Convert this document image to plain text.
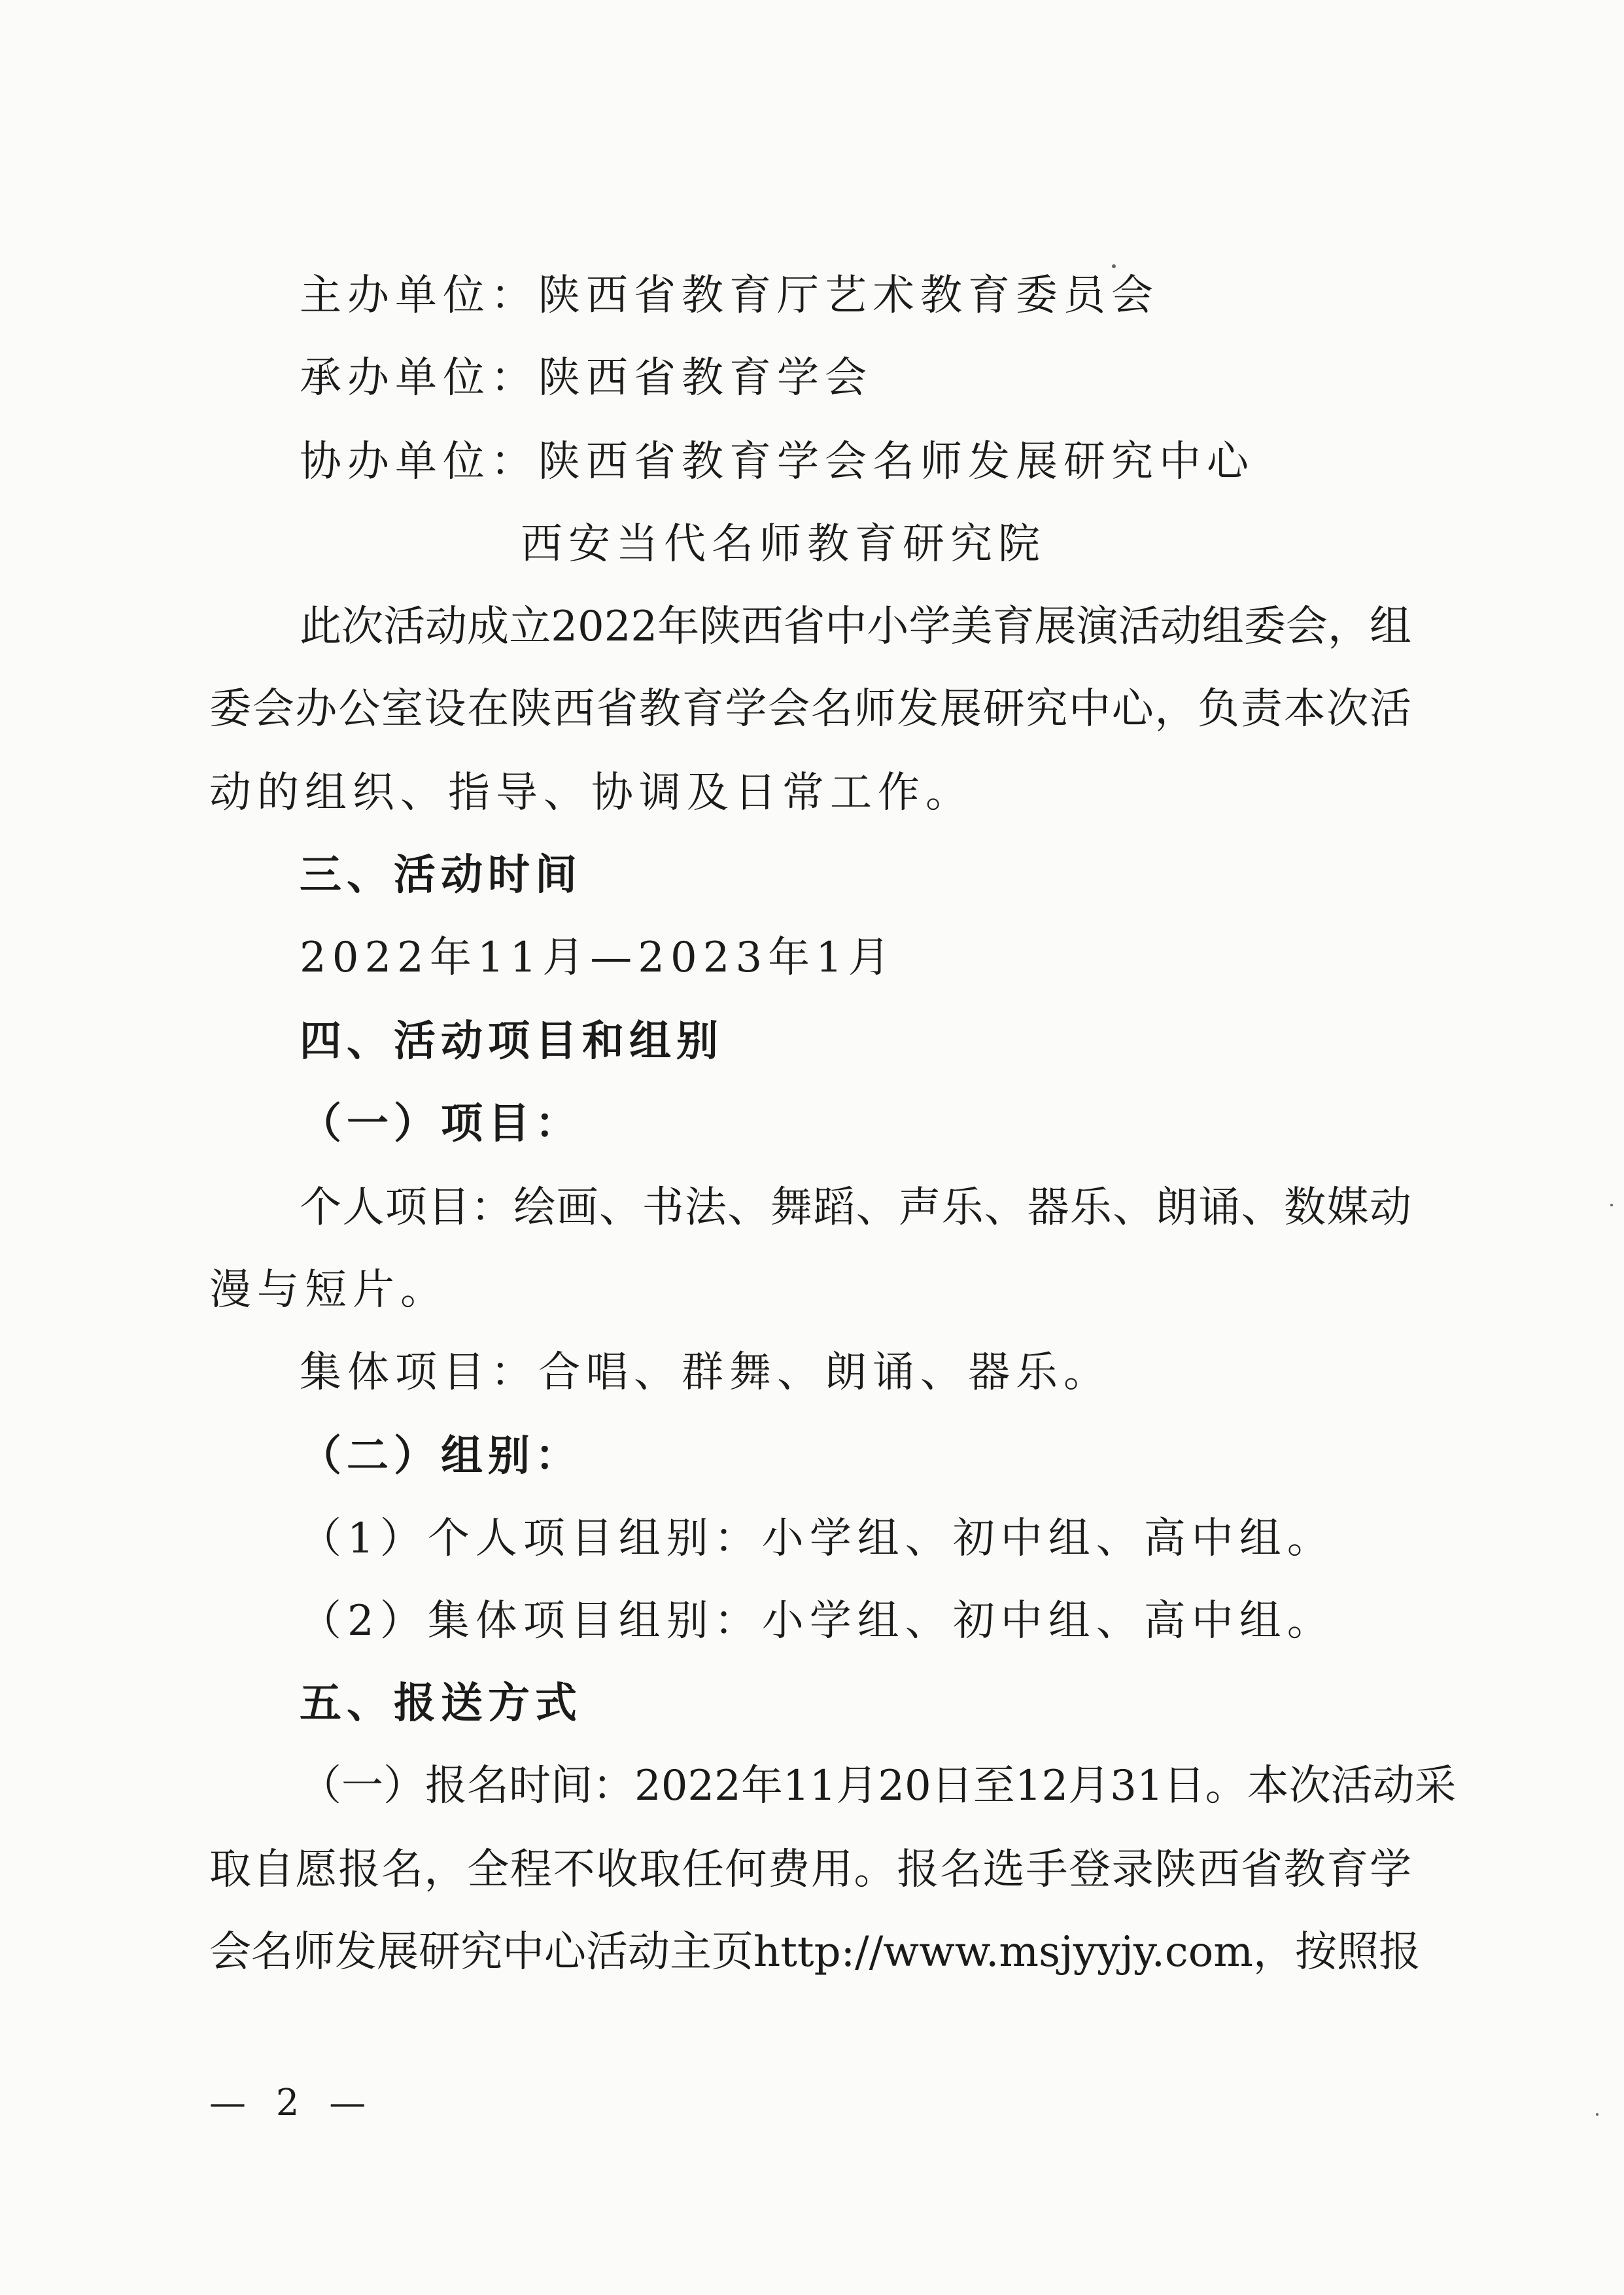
主办单位：陕西省教育厅艺术教育委员会
承办单位：陕西省教育学会
协办单位：陕西省教育学会名师发展研究中心
西安当代名师教育研究院
此次活动成立2022年陕西省中小学美育展演活动组委会，组
委会办公室设在陕西省教育学会名师发展研究中心，负责本次活
动的组织、指导、协调及日常工作。
三、活动时间
2022年11月—2023年1月
四、活动项目和组别
（一）项目：
个人项目：绘画、书法、舞蹈、声乐、器乐、朗诵、数媒动
漫与短片。
集体项目：合唱、群舞、朗诵、器乐。
（二）组别：
（1）个人项目组别：小学组、初中组、高中组。
（2）集体项目组别：小学组、初中组、高中组。
五、报送方式
（一）报名时间：2022年11月20日至12月31日。本次活动采
取自愿报名，全程不收取任何费用。报名选手登录陕西省教育学
会名师发展研究中心活动主页http://www.msjyyjy.com，按照报
— 2 —
